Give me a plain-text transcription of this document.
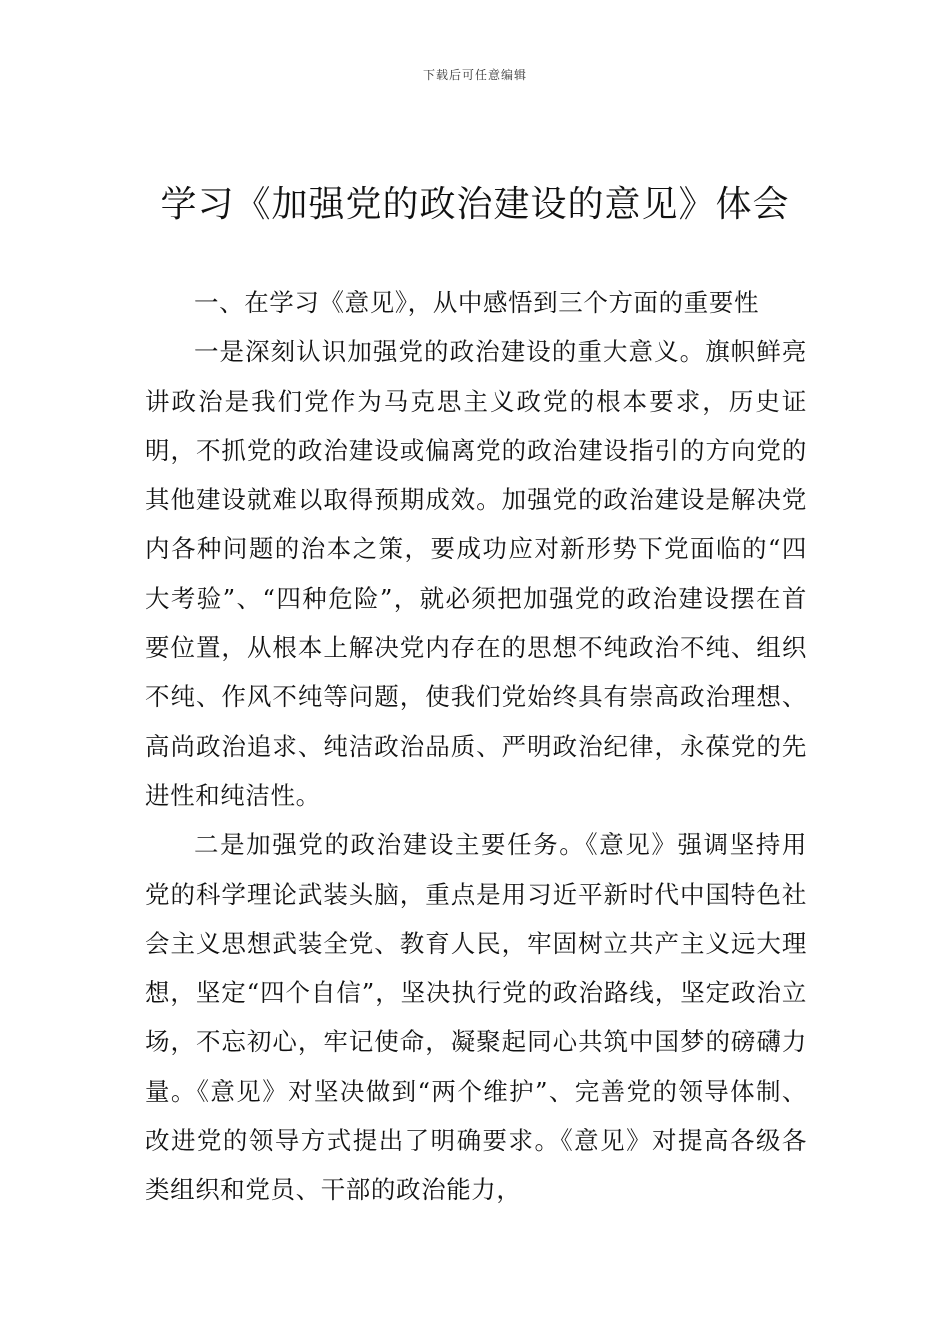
下载后可任意编辑
学习《加强党的政治建设的意见》体会

一、在学习《意见》，从中感悟到三个方面的重要性

一是深刻认识加强党的政治建设的重大意义。旗帜鲜亮讲政治是我们党作为马克思主义政党的根本要求，历史证明，不抓党的政治建设或偏离党的政治建设指引的方向党的其他建设就难以取得预期成效。加强党的政治建设是解决党内各种问题的治本之策，要成功应对新形势下党面临的“四大考验”、“四种危险”，就必须把加强党的政治建设摆在首要位置，从根本上解决党内存在的思想不纯政治不纯、组织不纯、作风不纯等问题，使我们党始终具有崇高政治理想、高尚政治追求、纯洁政治品质、严明政治纪律，永葆党的先进性和纯洁性。

二是加强党的政治建设主要任务。《意见》强调坚持用党的科学理论武装头脑，重点是用习近平新时代中国特色社会主义思想武装全党、教育人民，牢固树立共产主义远大理想，坚定“四个自信”，坚决执行党的政治路线，坚定政治立场，不忘初心，牢记使命，凝聚起同心共筑中国梦的磅礴力量。《意见》对坚决做到“两个维护”、完善党的领导体制、改进党的领导方式提出了明确要求。《意见》对提高各级各类组织和党员、干部的政治能力，
